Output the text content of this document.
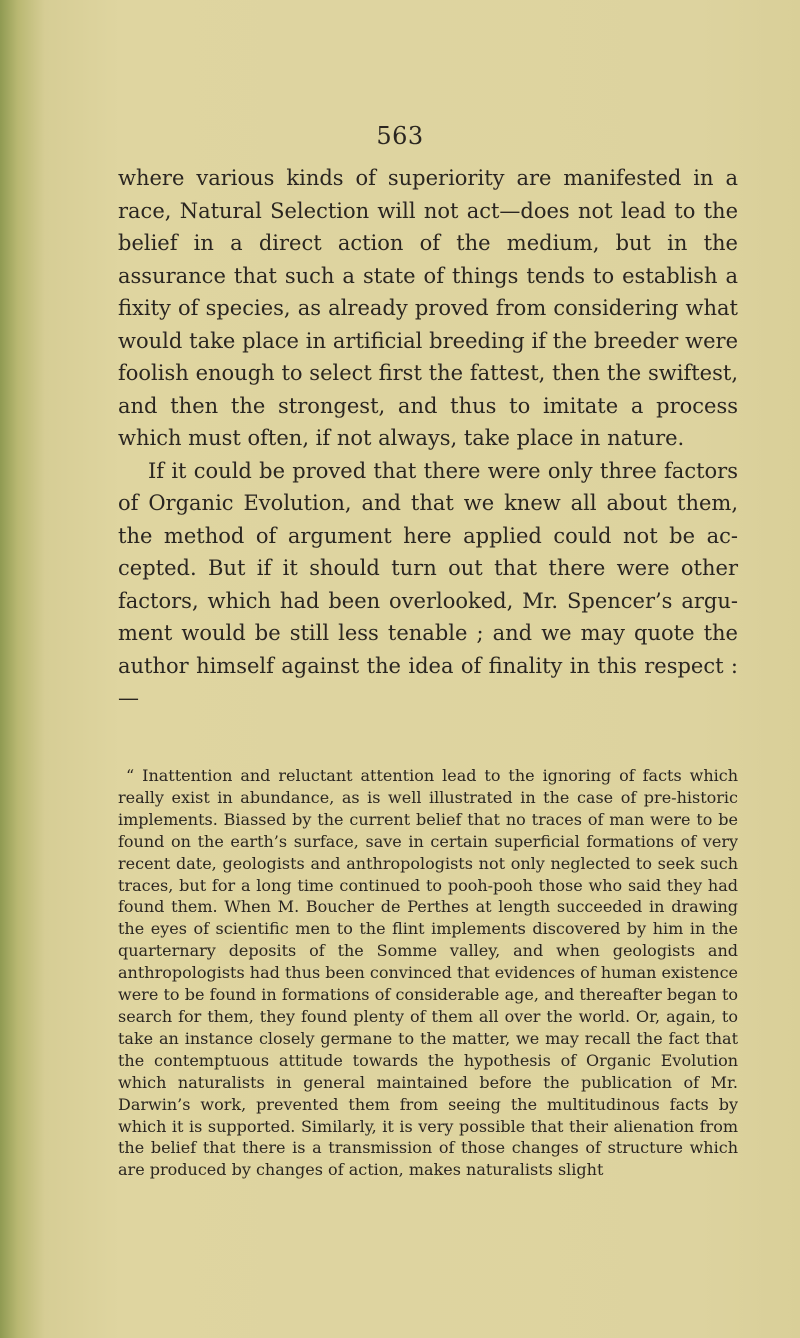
563

where various kinds of superiority are manifested in a race, Natural Selection will not act—does not lead to the belief in a direct action of the medium, but in the assurance that such a state of things tends to establish a fixity of species, as already proved from considering what would take place in artificial breeding if the breeder were foolish enough to select first the fattest, then the swiftest, and then the strongest, and thus to imitate a process which must often, if not always, take place in nature.

If it could be proved that there were only three factors of Organic Evolution, and that we knew all about them, the method of argument here applied could not be accepted. But if it should turn out that there were other factors, which had been overlooked, Mr. Spencer’s argument would be still less tenable ; and we may quote the author himself against the idea of finality in this respect :—

“ Inattention and reluctant attention lead to the ignoring of facts which really exist in abundance, as is well illustrated in the case of pre-historic implements. Biassed by the current belief that no traces of man were to be found on the earth’s surface, save in certain superficial formations of very recent date, geologists and anthropologists not only neglected to seek such traces, but for a long time continued to pooh-pooh those who said they had found them. When M. Boucher de Perthes at length succeeded in drawing the eyes of scientific men to the flint implements discovered by him in the quarternary deposits of the Somme valley, and when geologists and anthropologists had thus been convinced that evidences of human existence were to be found in formations of considerable age, and thereafter began to search for them, they found plenty of them all over the world. Or, again, to take an instance closely germane to the matter, we may recall the fact that the contemptuous attitude towards the hypothesis of Organic Evolution which naturalists in general maintained before the publication of Mr. Darwin’s work, prevented them from seeing the multitudinous facts by which it is supported. Similarly, it is very possible that their alienation from the belief that there is a transmission of those changes of structure which are produced by changes of action, makes naturalists slight
